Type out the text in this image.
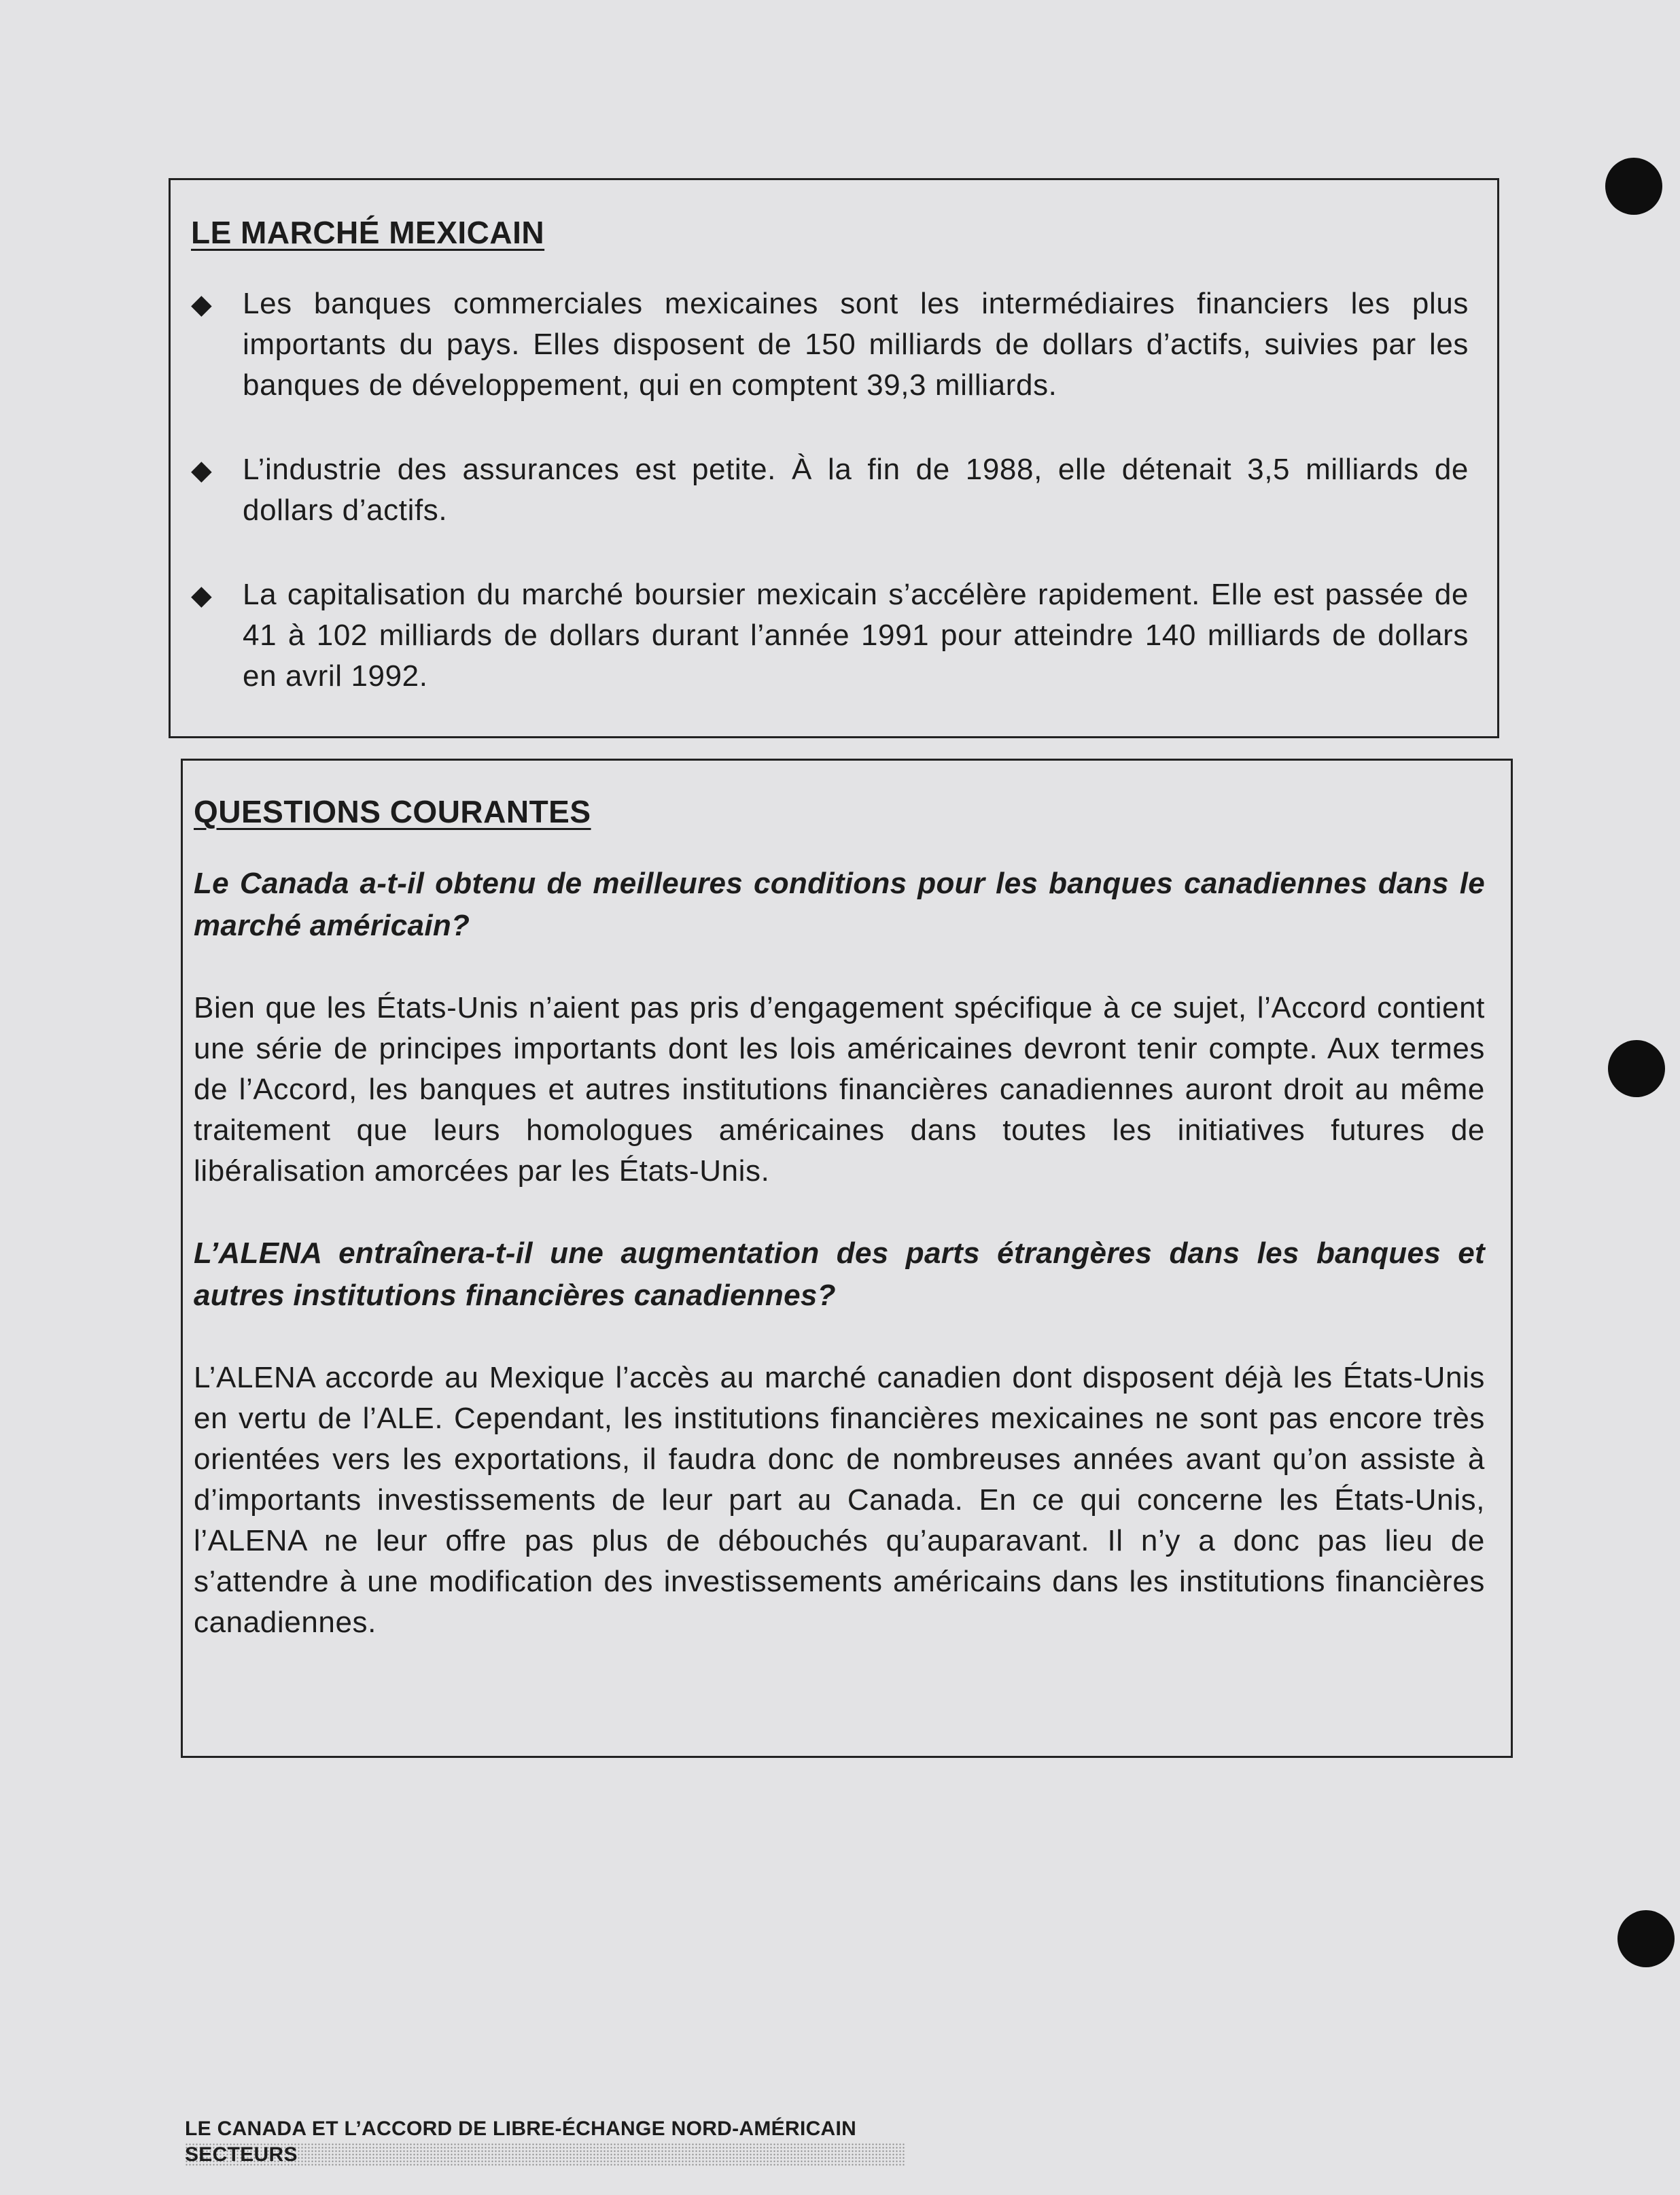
LE MARCHÉ MEXICAIN
◆	Les banques commerciales mexicaines sont les intermédiaires financiers les plus importants du pays. Elles disposent de 150 milliards de dollars d’actifs, suivies par les banques de développement, qui en comptent 39,3 milliards.

◆	L’industrie des assurances est petite. À la fin de 1988, elle détenait 3,5 milliards de dollars d’actifs.

◆	La capitalisation du marché boursier mexicain s’accélère rapidement. Elle est passée de 41 à 102 milliards de dollars durant l’année 1991 pour atteindre 140 milliards de dollars en avril 1992.

QUESTIONS COURANTES

Le Canada a-t-il obtenu de meilleures conditions pour les banques canadiennes dans le marché américain?

Bien que les États-Unis n’aient pas pris d’engagement spécifique à ce sujet, l’Accord contient une série de principes importants dont les lois américaines devront tenir compte. Aux termes de l’Accord, les banques et autres institutions financières canadiennes auront droit au même traitement que leurs homologues américaines dans toutes les initiatives futures de libéralisation amorcées par les États-Unis.

L’ALENA entraînera-t-il une augmentation des parts étrangères dans les banques et autres institutions financières canadiennes?

L’ALENA accorde au Mexique l’accès au marché canadien dont disposent déjà les États-Unis en vertu de l’ALE. Cependant, les institutions financières mexicaines ne sont pas encore très orientées vers les exportations, il faudra donc de nombreuses années avant qu’on assiste à d’importants investissements de leur part au Canada. En ce qui concerne les États-Unis, l’ALENA ne leur offre pas plus de débouchés qu’auparavant. Il n’y a donc pas lieu de s’attendre à une modification des investissements américains dans les institutions financières canadiennes.

LE CANADA ET L’ACCORD DE LIBRE-ÉCHANGE NORD-AMÉRICAIN

SECTEURS
